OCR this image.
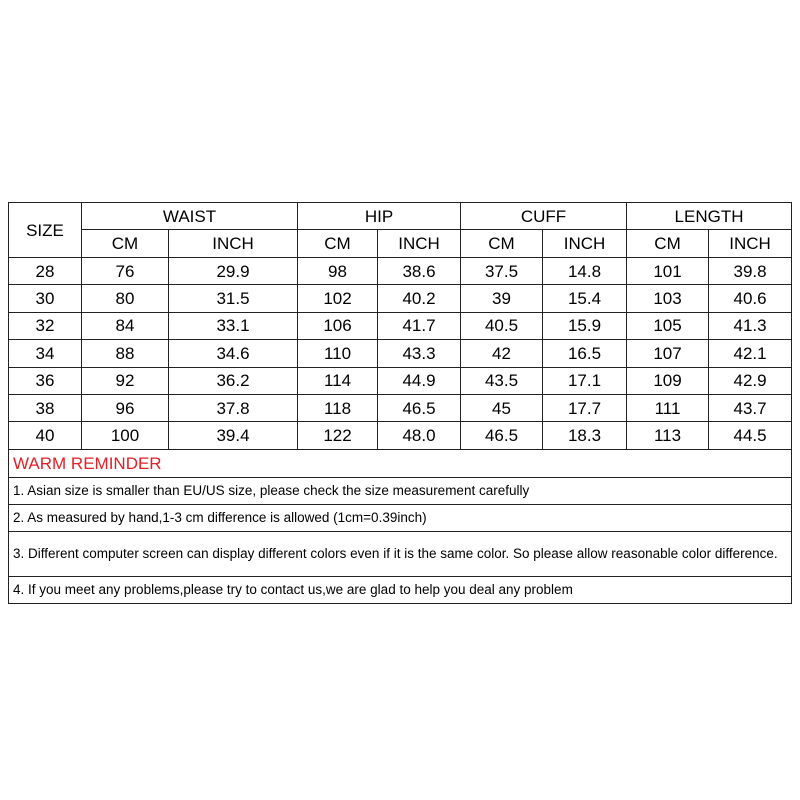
SIZE	WAIST		HIP		CUFF		LENGTH	
	CM	INCH	CM	INCH	CM	INCH	CM	INCH
28	76	29.9	98	38.6	37.5	14.8	101	39.8
30	80	31.5	102	40.2	39	15.4	103	40.6
32	84	33.1	106	41.7	40.5	15.9	105	41.3
34	88	34.6	110	43.3	42	16.5	107	42.1
36	92	36.2	114	44.9	43.5	17.1	109	42.9
38	96	37.8	118	46.5	45	17.7	111	43.7
40	100	39.4	122	48.0	46.5	18.3	113	44.5
WARM REMINDER								
1. Asian size is smaller than EU/US size, please check the size measurement carefully								
2. As measured by hand,1-3 cm difference is allowed (1cm=0.39inch)								
3. Different computer screen can display different colors even if it is the same color. So please allow reasonable color difference.								
4. If you meet any problems,please try to contact us,we are glad to help you deal any problem								
